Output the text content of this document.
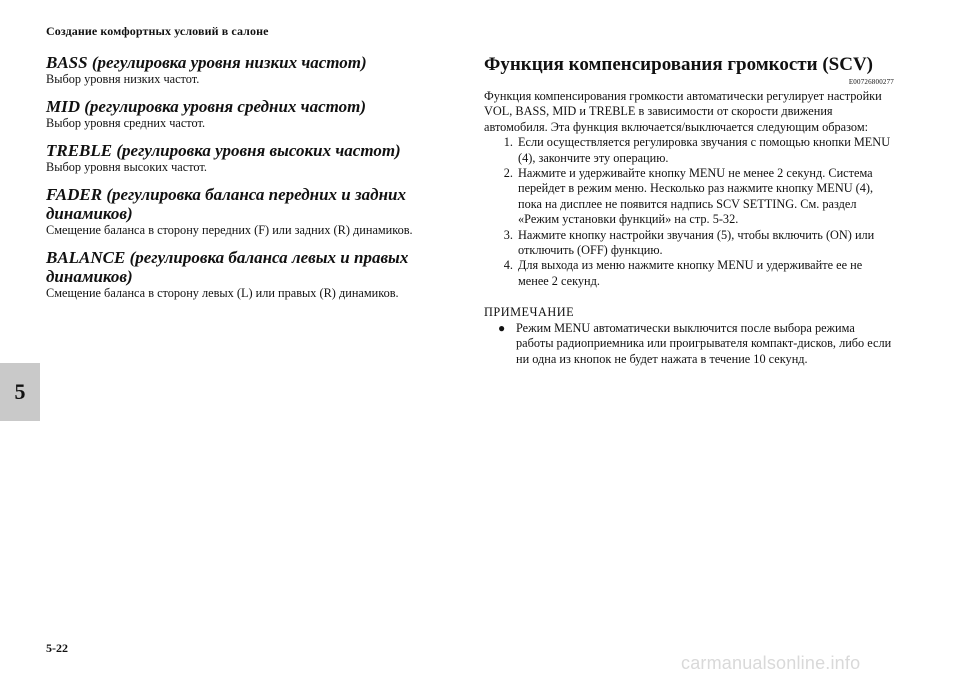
Создание комфортных условий в салоне
5
BASS (регулировка уровня низких частот)

Выбор уровня низких частот.

MID (регулировка уровня средних частот)

Выбор уровня средних частот.

TREBLE (регулировка уровня высоких частот)

Выбор уровня высоких частот.

FADER (регулировка баланса передних и задних динамиков)

Смещение баланса в сторону передних (F) или задних (R) динамиков.

BALANCE (регулировка баланса левых и правых динамиков)

Смещение баланса в сторону левых (L) или правых (R) динамиков.

Функция компенсирования громкости (SCV)
E00726800277

Функция компенсирования громкости автоматически регулирует настройки VOL, BASS, MID и TREBLE в зависимости от скорости движения автомобиля. Эта функция включается/выключается следующим образом:

1. Если осуществляется регулировка звучания с помощью кнопки MENU (4), закончите эту операцию.
2. Нажмите и удерживайте кнопку MENU не менее 2 секунд. Система перейдет в режим меню. Несколько раз нажмите кнопку MENU (4), пока на дисплее не появится надпись SCV SETTING. См. раздел «Режим установки функций» на стр. 5-32.
3. Нажмите кнопку настройки звучания (5), чтобы включить (ON) или отключить (OFF) функцию.
4. Для выхода из меню нажмите кнопку MENU и удерживайте ее не менее 2 секунд.
ПРИМЕЧАНИЕ
● Режим MENU автоматически выключится после выбора режима работы радиоприемника или проигрывателя компакт-дисков, либо если ни одна из кнопок не будет нажата в течение 10 секунд.
5-22
carmanualsonline.info
